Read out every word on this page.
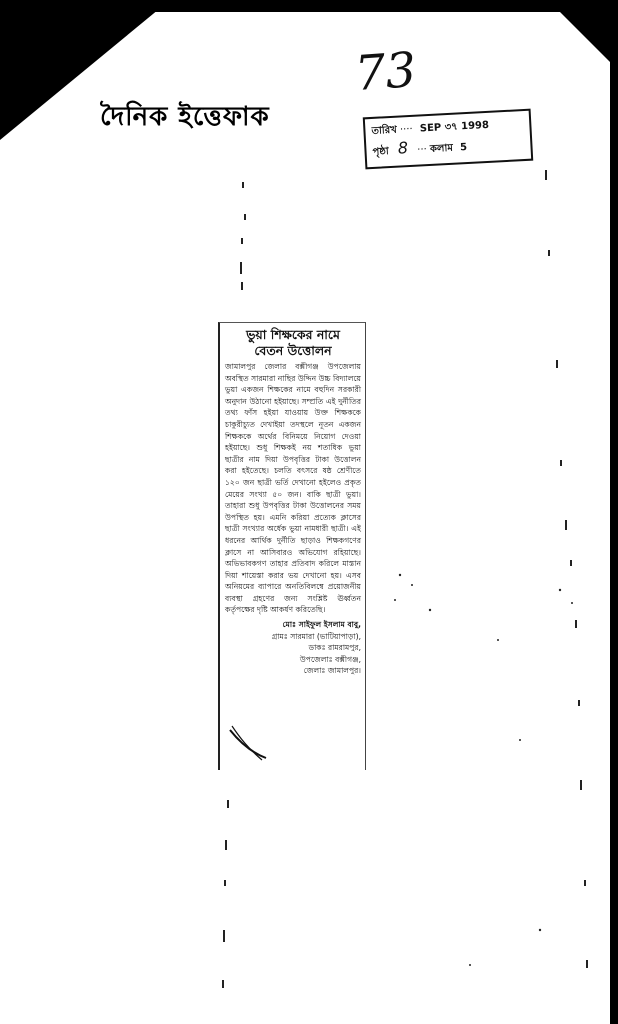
দৈনিক ইত্তেফাক
73
তারিখ ···· SEP ৩৭ 1998
পৃষ্ঠা 8 ··· কলাম 5
ভুয়া শিক্ষকের নামে
বেতন উত্তোলন
জামালপুর জেলার বক্সীগঞ্জ উপজেলায় অবস্থিত সারমারা নাছির উদ্দিন উচ্চ বিদ্যালয়ে ভুয়া একজন শিক্ষকের নামে বহুদিন সরকারী অনুদান উঠানো হইয়াছে। সম্প্রতি এই দুর্নীতির তথ্য ফাঁস হইয়া যাওয়ায় উক্ত শিক্ষককে চাকুরীচ্যুত দেখাইয়া তদস্থলে নূতন একজন শিক্ষককে অর্থের বিনিময়ে নিয়োগ দেওয়া হইয়াছে। শুধু শিক্ষকই নয় শতাধিক ভুয়া ছাত্রীর নাম দিয়া উপবৃত্তির টাকা উত্তোলন করা হইতেছে। চলতি বৎসরে ষষ্ঠ শ্রেণীতে ১২০ জন ছাত্রী ভর্তি দেখানো হইলেও প্রকৃত মেয়ের সংখ্যা ৫০ জন। বাকি ছাত্রী ভুয়া। তাহারা শুধু উপবৃত্তির টাকা উত্তোলনের সময় উপস্থিত হয়। এমনি করিয়া প্রত্যেক ক্লাসের ছাত্রী সংখ্যার অর্ধেক ভুয়া নামধারী ছাত্রী। এই ধরনের আর্থিক দুর্নীতি ছাড়াও শিক্ষকগণের ক্লাসে না আসিবারও অভিযোগ রহিয়াছে। অভিভাবকগণ তাহার প্রতিবাদ করিলে মাস্তান দিয়া শায়েস্তা করার ভয় দেখানো হয়। এসব অনিয়মের ব্যাপারে অনতিবিলম্বে প্রয়োজনীয় ব্যবস্থা গ্রহণের জন্য সংশ্লিষ্ট ঊর্ধ্বতন কর্তৃপক্ষের দৃষ্টি আকর্ষণ করিতেছি।
মোঃ সাইফুল ইসলাম বাবু,
গ্রামঃ সারমারা (ভাটিয়াপাড়া),
ডাকঃ রামরামপুর,
উপজেলাঃ বক্সীগঞ্জ,
জেলাঃ জামালপুর।
